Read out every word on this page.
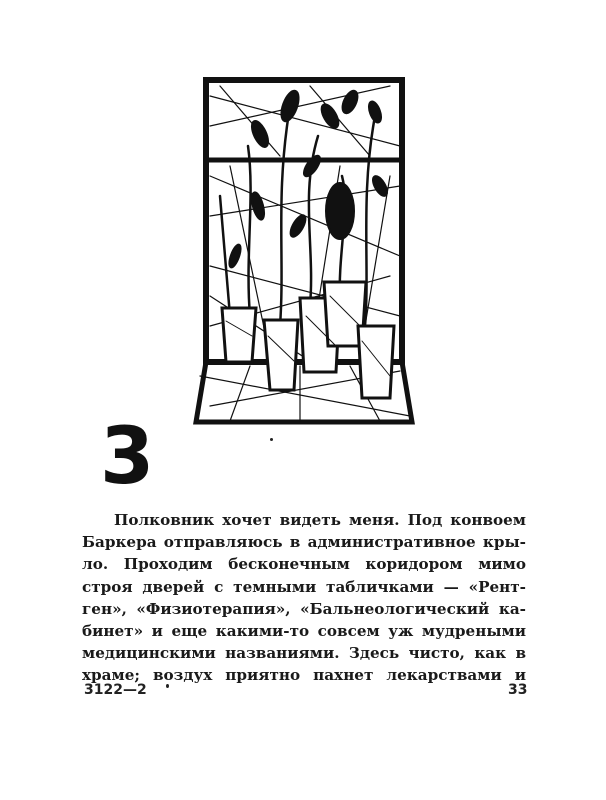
3
Полковник хочет видеть меня. Под конвоем
Баркера отправляюсь в административное кры-
ло. Проходим бесконечным коридором мимо
строя дверей с темными табличками — «Рент-
ген», «Физиотерапия», «Бальнеологический ка-
бинет» и еще какими-то совсем уж мудреными
медицинскими названиями. Здесь чисто, как в
храме; воздух приятно пахнет лекарствами и
3122—2	33
